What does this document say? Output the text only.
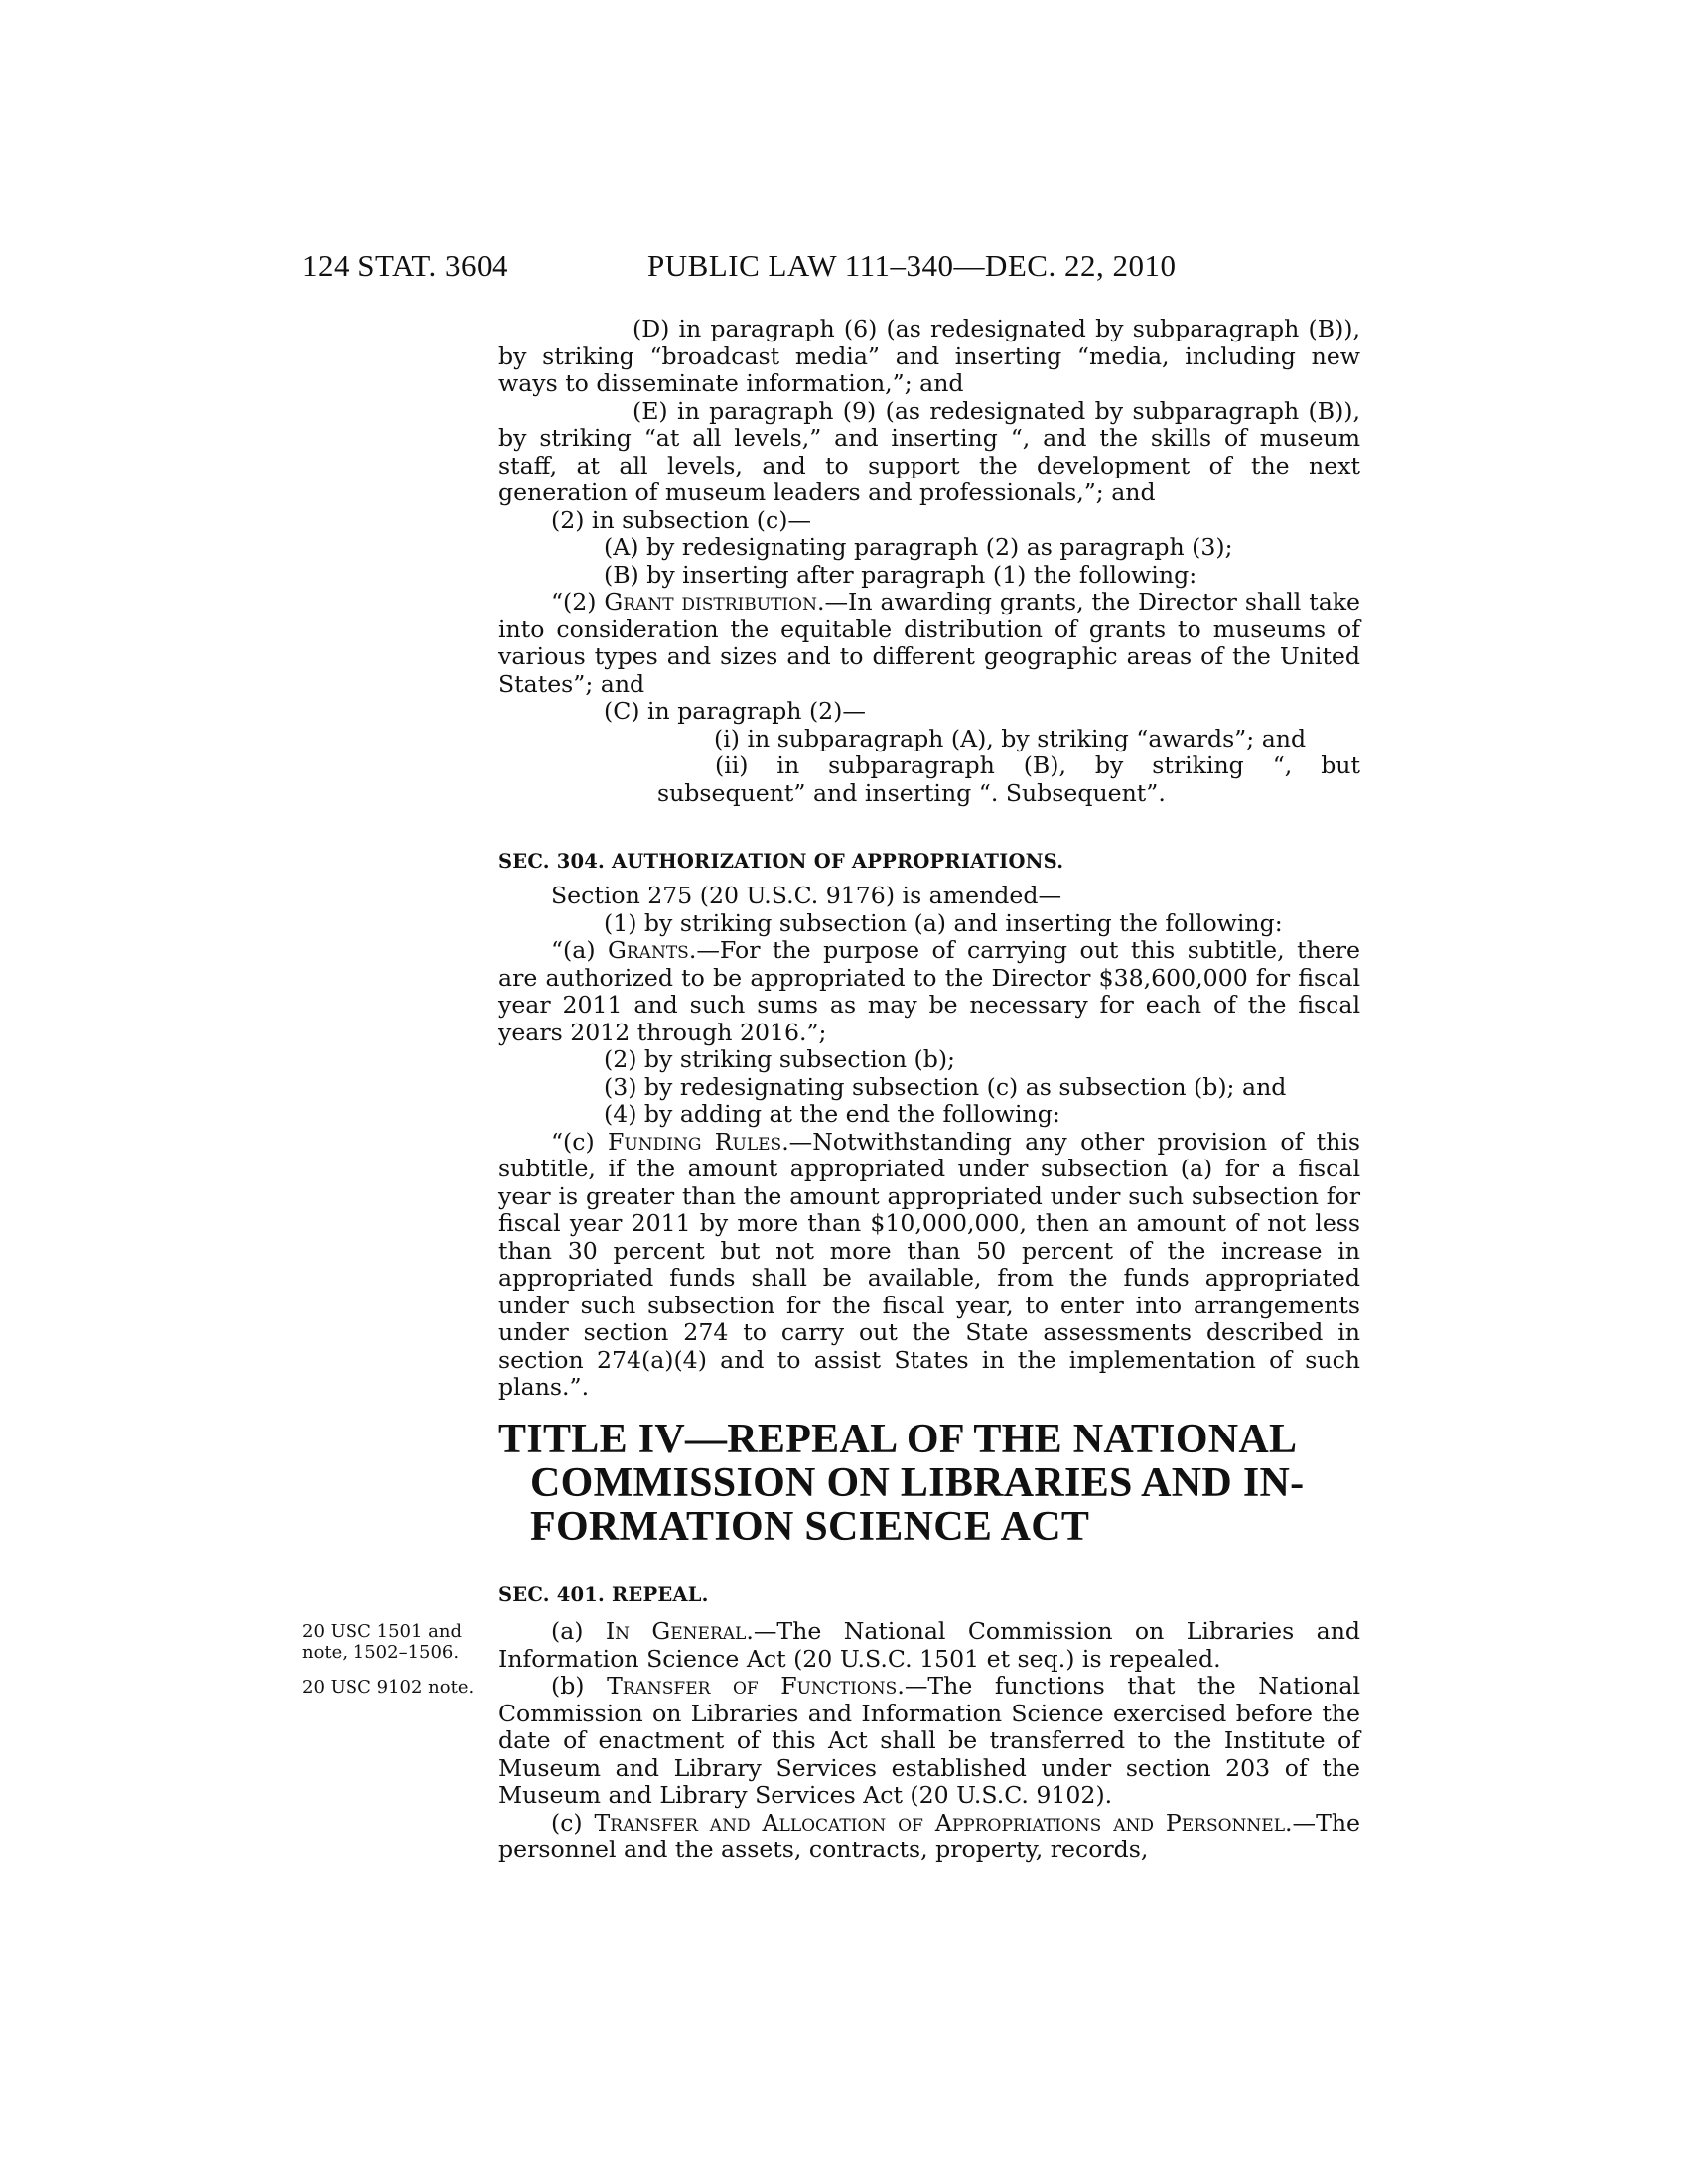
124 STAT. 3604	PUBLIC LAW 111–340—DEC. 22, 2010

(D) in paragraph (6) (as redesignated by subparagraph (B)), by striking “broadcast media” and inserting “media, including new ways to disseminate information,”; and

(E) in paragraph (9) (as redesignated by subparagraph (B)), by striking “at all levels,” and inserting “, and the skills of museum staff, at all levels, and to support the development of the next generation of museum leaders and professionals,”; and

(2) in subsection (c)—

(A) by redesignating paragraph (2) as paragraph (3);

(B) by inserting after paragraph (1) the following:

“(2) Grant distribution.—In awarding grants, the Director shall take into consideration the equitable distribution of grants to museums of various types and sizes and to different geographic areas of the United States”; and

(C) in paragraph (2)—

(i) in subparagraph (A), by striking “awards”; and

(ii) in subparagraph (B), by striking “, but subsequent” and inserting “. Subsequent”.

SEC. 304. AUTHORIZATION OF APPROPRIATIONS.

Section 275 (20 U.S.C. 9176) is amended—

(1) by striking subsection (a) and inserting the following:

“(a) Grants.—For the purpose of carrying out this subtitle, there are authorized to be appropriated to the Director $38,600,000 for fiscal year 2011 and such sums as may be necessary for each of the fiscal years 2012 through 2016.”;

(2) by striking subsection (b);

(3) by redesignating subsection (c) as subsection (b); and

(4) by adding at the end the following:

“(c) Funding Rules.—Notwithstanding any other provision of this subtitle, if the amount appropriated under subsection (a) for a fiscal year is greater than the amount appropriated under such subsection for fiscal year 2011 by more than $10,000,000, then an amount of not less than 30 percent but not more than 50 percent of the increase in appropriated funds shall be available, from the funds appropriated under such subsection for the fiscal year, to enter into arrangements under section 274 to carry out the State assessments described in section 274(a)(4) and to assist States in the implementation of such plans.”.

TITLE IV—REPEAL OF THE NATIONAL

COMMISSION ON LIBRARIES AND IN-

FORMATION SCIENCE ACT

SEC. 401. REPEAL.

(a) In General.—The National Commission on Libraries and Information Science Act (20 U.S.C. 1501 et seq.) is repealed.

(b) Transfer of Functions.—The functions that the National Commission on Libraries and Information Science exercised before the date of enactment of this Act shall be transferred to the Institute of Museum and Library Services established under section 203 of the Museum and Library Services Act (20 U.S.C. 9102).

(c) Transfer and Allocation of Appropriations and Personnel.—The personnel and the assets, contracts, property, records,

20 USC 1501 and note, 1502–1506.
20 USC 9102 note.
